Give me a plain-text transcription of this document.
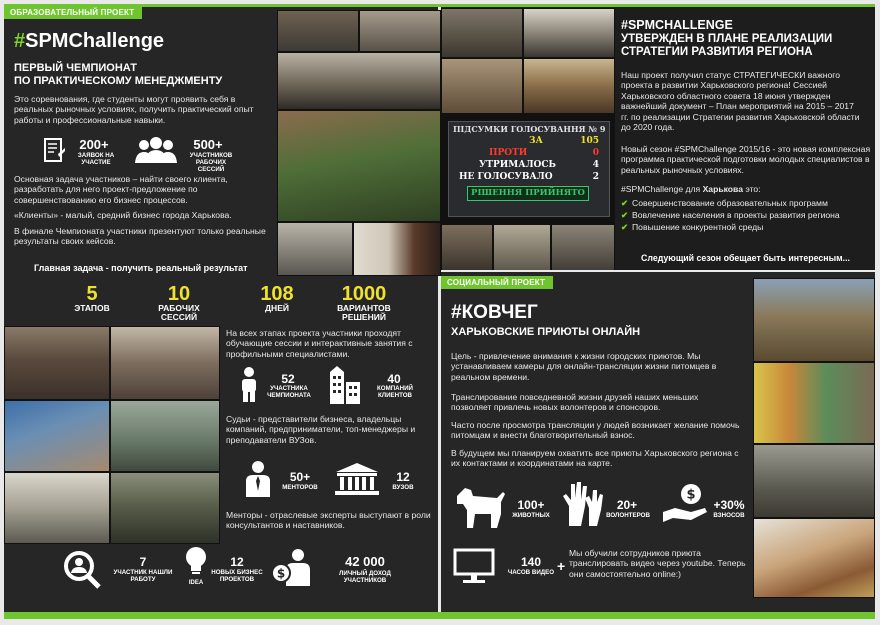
ОБРАЗОВАТЕЛЬНЫЙ ПРОЕКТ
#SPMChallenge
ПЕРВЫЙ ЧЕМПИОНАТ
ПО ПРАКТИЧЕСКОМУ МЕНЕДЖМЕНТУ
Это соревнования, где студенты могут проявить себя в реальных рыночных условиях, получить практический опыт работы и профессиональные навыки.
200+
ЗАЯВОК НА УЧАСТИЕ
500+
УЧАСТНИКОВ РАБОЧИХ СЕССИЙ
Основная задача участников – найти своего клиента, разработать для него проект-предложение по совершенствованию его бизнес процессов.
«Клиенты» - малый, средний бизнес города Харькова.
В финале Чемпионата участники презентуют только реальные результаты своих кейсов.
Главная задача - получить реальный результат
5
ЭТАПОВ
10
РАБОЧИХ СЕССИЙ
108
ДНЕЙ
1000
ВАРИАНТОВ РЕШЕНИЙ
На всех этапах проекта участники проходят обучающие сессии и интерактивные занятия с профильными специалистами.
52
УЧАСТНИКА ЧЕМПИОНАТА
40
КОМПАНИЙ КЛИЕНТОВ
Судьи - представители бизнеса, владельцы компаний, предприниматели, топ-менеджеры и преподаватели ВУЗов.
50+
МЕНТОРОВ
12
ВУЗОВ
Менторы - отраслевые эксперты выступают в роли консультантов и наставников.
7
УЧАСТНИК НАШЛИ РАБОТУ	IDEA
12
НОВЫХ БИЗНЕС ПРОЕКТОВ	$
42 000
ЛИЧНЫЙ ДОХОД УЧАСТНИКОВ
ПІДСУМКИ ГОЛОСУВАННЯ № 9
ЗА	105
ПРОТИ	0
УТРИМАЛОСЬ	4
НЕ ГОЛОСУВАЛО	2
РІШЕННЯ ПРИЙНЯТО
#SPMCHALLENGE
УТВЕРЖДЕН В ПЛАНЕ РЕАЛИЗАЦИИ
СТРАТЕГИИ РАЗВИТИЯ РЕГИОНА
Наш проект получил статус СТРАТЕГИЧЕСКИ важного проекта в развитии Харьковского региона! Сессией Харьковского областного совета 18 июня утвержден важнейший документ – План мероприятий на 2015 – 2017 гг. по реализации Стратегии развития Харьковской области до 2020 года.
Новый сезон #SPMChallenge 2015/16 - это новая комплексная программа практической подготовки молодых специалистов в реальных рыночных условиях.
#SPMChallenge для Харькова это:
✔ Совершенствование образовательных программ
✔ Вовлечение населения в проекты развития региона
✔ Повышение конкурентной среды
Следующий сезон обещает быть интересным...
СОЦИАЛЬНЫЙ ПРОЕКТ
#КОВЧЕГ
ХАРЬКОВСКИЕ ПРИЮТЫ ОНЛАЙН
Цель - привлечение внимания к жизни городских приютов. Мы устанавливаем камеры для онлайн-трансляции жизни питомцев в реальном времени.
Транслирование повседневной жизни друзей наших меньших позволяет привлечь новых волонтеров и спонсоров.
Часто после просмотра трансляции у людей возникает желание помочь питомцам и внести благотворительный взнос.
В будущем мы планируем охватить все приюты Харьковского региона с их контактами и координатами на карте.
100+
ЖИВОТНЫХ
20+
ВОЛОНТЕРОВ
$
+30%
ВЗНОСОВ
140
ЧАСОВ ВИДЕО +
Мы обучили сотрудников приюта транслировать видео через youtube. Теперь они самостоятельно online:)
